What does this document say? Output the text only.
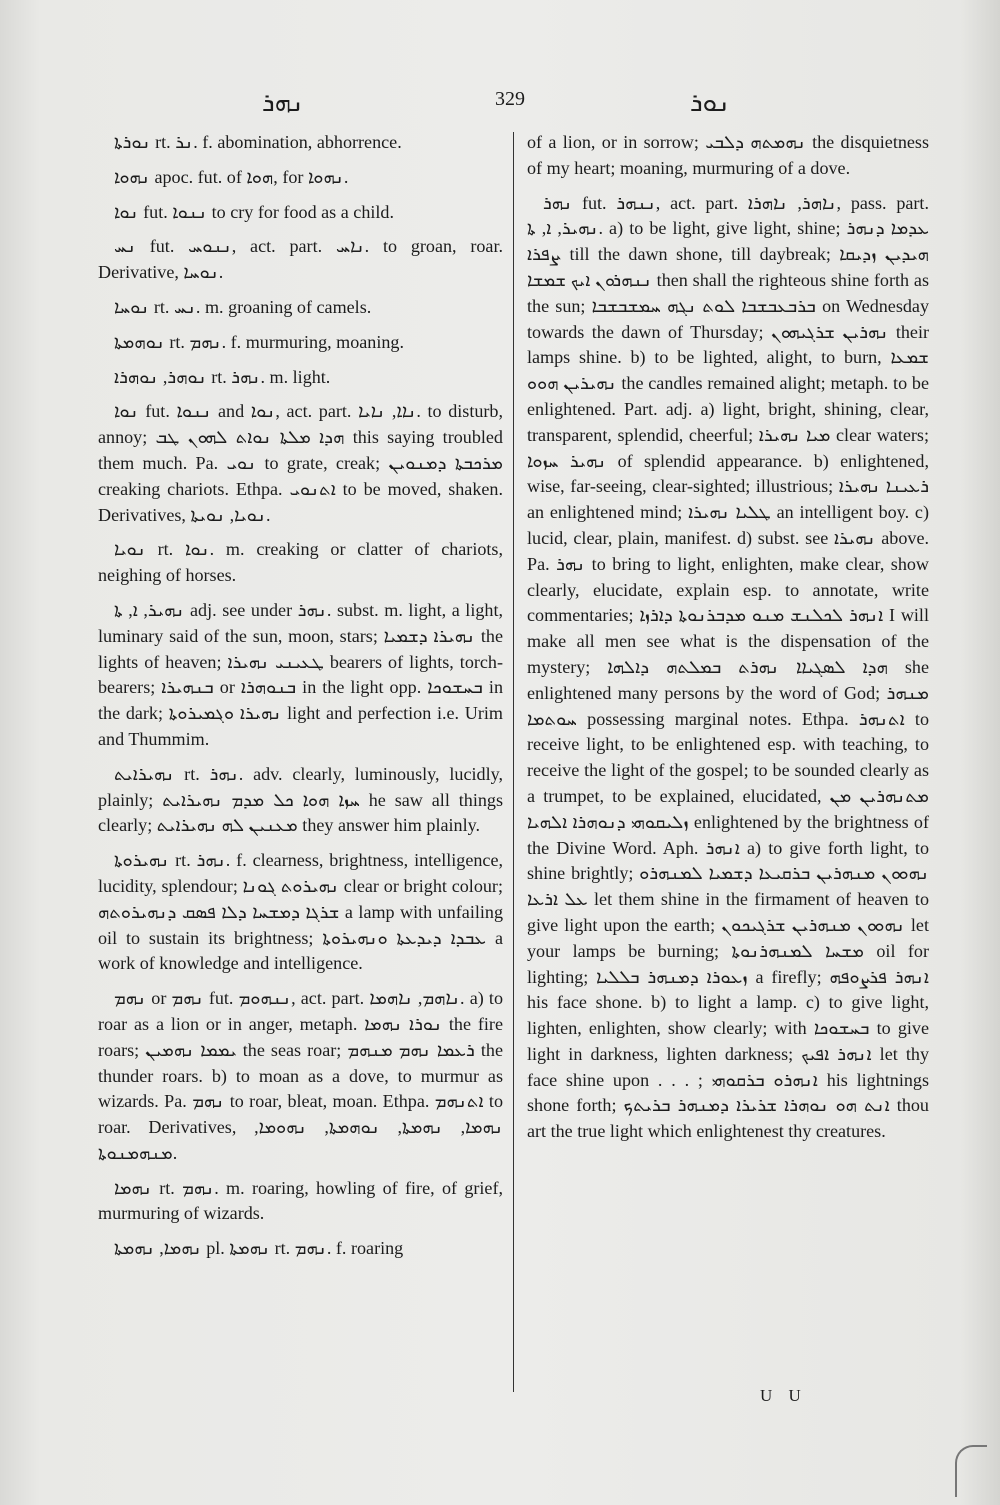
ܢܗܪ	329	ܢܘܪ

ܢܘܪܬܐ rt. ܢܪ. f. abomination, abhorrence.

ܢܗܘܐ apoc. fut. of ܗܘܐ, for ܢܗܘܐ.

ܢܘܐ fut. ܢܢܘܐ to cry for food as a child.

ܢܚ fut. ܢܢܘܚ, act. part. ܢܐܚ. to groan, roar. Derivative, ܢܘܚܐ.

ܢܘܚܐ rt. ܢܚ. m. groaning of camels.

ܢܘܗܡܬܐ rt. ܢܗܡ. f. murmuring, moaning.

ܢܘܗܪ, ܢܘܗܪܐ rt. ܢܗܪ. m. light.

ܢܘܐ fut. ܢܢܘܐ and ܢܘܐ, act. part. ܢܐܐ, ܢܐܝܐ. to disturb, annoy; ܗܕܐ ܡܠܬܐ ܢܘܐܬ ܠܗܘܢ ܛܒ this saying troubled them much. Pa. ܢܘܝ to grate, creak; ܡܪܟܒܬܐ ܕܡܢܘܝܢ creaking chariots. Ethpa. ܐܬܢܘܝ to be moved, shaken. Derivatives, ܢܘܝܐ, ܢܘܝܬܐ.

ܢܘܝܐ rt. ܢܘܐ. m. creaking or clatter of chariots, neighing of horses.

ܢܗܝܪ, ܐ, ܬܐ adj. see under ܢܗܪ. subst. m. light, a light, luminary said of the sun, moon, stars; ܢܗܝܪܐ ܕܫܡܝܐ the lights of heaven; ܛܥܝܢܝ ܢܗܝܪܐ bearers of lights, torch-bearers; ܒܢܗܝܪܐ or ܒܢܘܗܪܐ in the light opp. ܒܚܫܘܟܐ in the dark; ܢܗܝܪܐ ܘܓܡܝܪܘܬܐ light and perfection i.e. Urim and Thummim.

ܢܗܝܪܐܝܬ rt. ܢܗܪ. adv. clearly, luminously, lucidly, plainly; ܚܙܐ ܗܘܐ ܟܠ ܡܕܡ ܢܗܝܪܐܝܬ he saw all things clearly; ܡܥܢܝܢ ܠܗ ܢܗܝܪܐܝܬ they answer him plainly.

ܢܗܝܪܘܬܐ rt. ܢܗܪ. f. clearness, brightness, intelligence, lucidity, splendour; ܢܗܝܪܘܬ ܓܘܢܐ clear or bright colour; ܫܪܓܐ ܕܡܫܚܐ ܕܠܐ ܦܣܩ ܕܢܗܝܪܘܬܗ a lamp with unfailing oil to sustain its brightness; ܥܒܕܐ ܕܝܕܥܬܐ ܘܢܗܝܪܘܬܐ a work of knowledge and intelligence.

ܢܗܡ or ܢܗܡ fut. ܢܢܗܘܡ, act. part. ܢܐܗܡ, ܢܐܗܡܐ. a) to roar as a lion or in anger, metaph. ܢܘܪܐ ܢܗܡܐ the fire roars; ܝܡܡܐ ܢܗܡܝܢ the seas roar; ܪܥܡܐ ܢܗܡ ܡܢܗܡ the thunder roars. b) to moan as a dove, to murmur as wizards. Pa. ܢܗܡ to roar, bleat, moan. Ethpa. ܐܬܢܗܡ to roar. Derivatives, ܢܗܡܐ, ܢܗܡܬܐ, ܢܘܗܡܬܐ, ܢܗܘܡܐ, ܡܢܗܡܢܘܬܐ.

ܢܗܡܐ rt. ܢܗܡ. m. roaring, howling of fire, of grief, murmuring of wizards.

ܢܗܡܐ, ܢܗܡܬܐ pl. ܢܗܡܬܐ rt. ܢܗܡ. f. roaring

of a lion, or in sorrow; ܢܗܡܬܗ ܕܠܒܝ the disquietness of my heart; moaning, murmuring of a dove.

ܢܗܪ fut. ܢܢܗܪ, act. part. ܢܐܗܪ, ܢܐܗܪܐ, pass. part. ܢܗܝܪ, ܐ, ܬܐ. a) to be light, give light, shine; ܥܕܡܐ ܕܢܗܪ ܨܦܪܐ till the dawn shone, till daybreak; ܗܝܕܝܢ ܙܕܝܩܐ ܢܢܗܪܘܢ ܐܝܟ ܫܡܫܐ then shall the righteous shine forth as the sun; ܒܪܒܥܒܫܒܐ ܠܘܬ ܢܓܗ ܚܡܫܒܫܒܐ on Wednesday towards the dawn of Thursday; ܢܗܪܝܢ ܫܪܓܝܗܘܢ their lamps shine. b) to be lighted, alight, to burn, ܫܡܥܐ ܢܗܝܪܝܢ ܗܘܘ the candles remained alight; metaph. to be enlightened. Part. adj. a) light, bright, shining, clear, transparent, splendid, cheerful; ܡܝܐ ܢܗܝܪܐ clear waters; ܢܗܝܪ ܚܙܘܐ of splendid appearance. b) enlightened, wise, far-seeing, clear-sighted; illustrious; ܪܥܝܢܐ ܢܗܝܪܐ an enlightened mind; ܛܠܝܐ ܢܗܝܪܐ an intelligent boy. c) lucid, clear, plain, manifest. d) subst. see ܢܗܝܪܐ above. Pa. ܢܗܪ to bring to light, enlighten, make clear, show clearly, elucidate, explain esp. to annotate, write commentaries; ܐܢܗܪ ܠܟܠܢܫ ܡܢܘ ܡܕܒܪܢܘܬܐ ܕܐܪܙܐ I will make all men see what is the dispensation of the mystery; ܗܕܐ ܠܣܓܝܐܐ ܢܗܪܬ ܒܡܠܬܗ ܕܐܠܗܐ she enlightened many persons by the word of God; ܡܢܗܪ ܚܘܬܡܐ possessing marginal notes. Ethpa. ܐܬܢܗܪ to receive light, to be enlightened esp. with teaching, to receive the light of the gospel; to be sounded clearly as a trumpet, to be explained, elucidated, ܡܬܢܗܪܝܢ ܡܢ ܙܠܝܩܘܗܝ ܕܢܘܗܪܐ ܐܠܗܝܐ enlightened by the brightness of the Divine Word. Aph. ܐܢܗܪ a) to give forth light, to shine brightly; ܢܗܘܘܢ ܡܢܗܪܝܢ ܒܪܩܝܥܐ ܕܫܡܝܐ ܠܡܢܗܪܘ ܥܠ ܐܪܥܐ let them shine in the firmament of heaven to give light upon the earth; ܢܗܘܘܢ ܡܢܗܪܝܢ ܫܪܓܝܟܘܢ let your lamps be burning; ܡܫܚܐ ܠܡܢܗܪܢܘܬܐ oil for lighting; ܙܥܘܪܐ ܕܡܢܗܪ ܒܠܠܝܐ a firefly; ܐܢܗܪ ܦܪܨܘܦܗ his face shone. b) to light a lamp. c) to give light, lighten, enlighten, show clearly; with ܒܚܫܘܟܐ to give light in darkness, lighten darkness; ܐܢܗܪ ܐܦܝܟ let thy face shine upon . . . ; ܐܢܗܪܘ ܒܪܩܘܗܝ his lightnings shone forth; ܐܢܬ ܗܘ ܢܘܗܪܐ ܫܪܝܪܐ ܕܡܢܗܪ ܒܪܝܬܟ thou art the true light which enlightenest thy creatures.

U U
